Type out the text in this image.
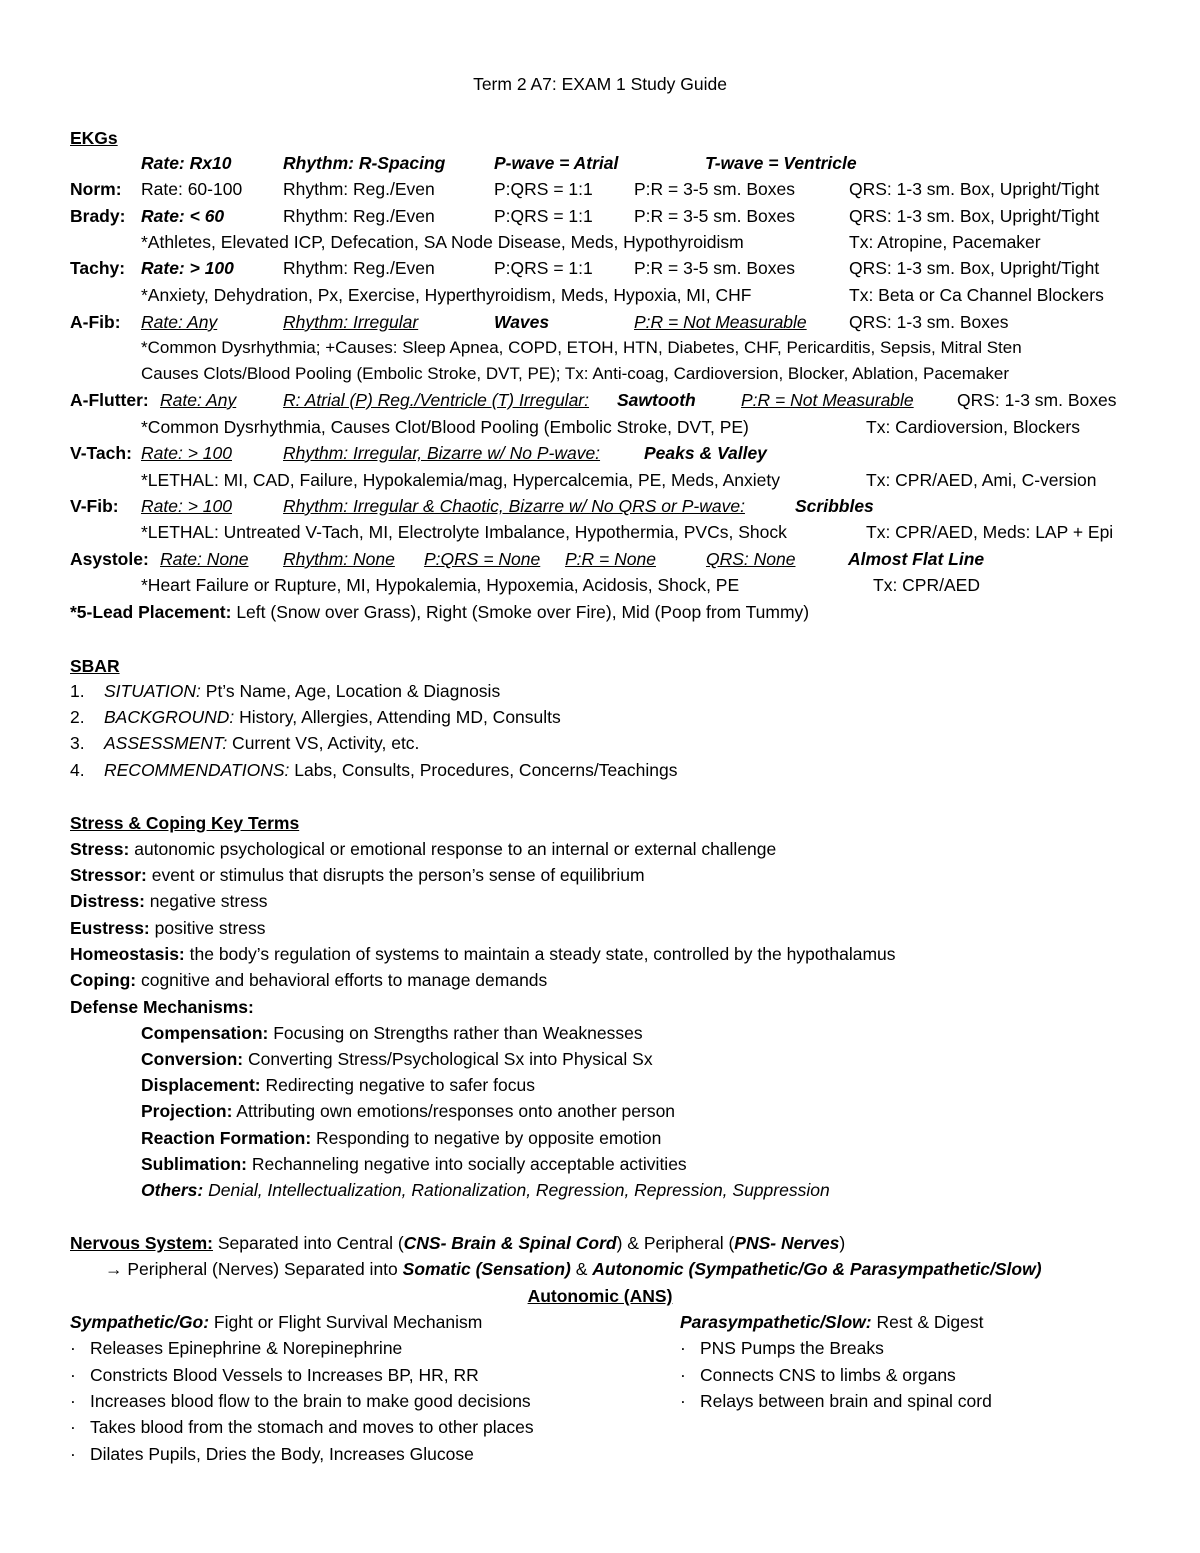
Term 2 A7: EXAM 1 Study Guide
EKGs
Rate: Rx10	Rhythm: R-Spacing	P-wave = Atrial	T-wave = Ventricle
Norm: Rate: 60-100 Rhythm: Reg./Even	P:QRS = 1:1 P:R = 3-5 sm. Boxes	QRS: 1-3 sm. Box, Upright/Tight
Brady: Rate: < 60	Rhythm: Reg./Even	P:QRS = 1:1 P:R = 3-5 sm. Boxes	QRS: 1-3 sm. Box, Upright/Tight
*Athletes, Elevated ICP, Defecation, SA Node Disease, Meds, Hypothyroidism	Tx: Atropine, Pacemaker
Tachy: Rate: > 100	Rhythm: Reg./Even	P:QRS = 1:1 P:R = 3-5 sm. Boxes	QRS: 1-3 sm. Box, Upright/Tight
*Anxiety, Dehydration, Px, Exercise, Hyperthyroidism, Meds, Hypoxia, MI, CHF	Tx: Beta or Ca Channel Blockers
A-Fib: Rate: Any	Rhythm: Irregular	Waves	P:R = Not Measurable QRS: 1-3 sm. Boxes
*Common Dysrhythmia; +Causes: Sleep Apnea, COPD, ETOH, HTN, Diabetes, CHF, Pericarditis, Sepsis, Mitral Sten
Causes Clots/Blood Pooling (Embolic Stroke, DVT, PE); Tx: Anti-coag, Cardioversion, Blocker, Ablation, Pacemaker
A-Flutter: Rate: Any	R: Atrial (P) Reg./Ventricle (T) Irregular: Sawtooth	P:R = Not Measurable QRS: 1-3 sm. Boxes
*Common Dysrhythmia, Causes Clot/Blood Pooling (Embolic Stroke, DVT, PE)	Tx: Cardioversion, Blockers
V-Tach: Rate: > 100	Rhythm: Irregular, Bizarre w/ No P-wave:	Peaks & Valley
*LETHAL: MI, CAD, Failure, Hypokalemia/mag, Hypercalcemia, PE, Meds, Anxiety	Tx: CPR/AED, Ami, C-version
V-Fib: Rate: > 100	Rhythm: Irregular & Chaotic, Bizarre w/ No QRS or P-wave:	Scribbles
*LETHAL: Untreated V-Tach, MI, Electrolyte Imbalance, Hypothermia, PVCs, Shock	Tx: CPR/AED, Meds: LAP + Epi
Asystole: Rate: None Rhythm: None P:QRS = None P:R = None	QRS: None	Almost Flat Line
*Heart Failure or Rupture, MI, Hypokalemia, Hypoxemia, Acidosis, Shock, PE	Tx: CPR/AED
*5-Lead Placement: Left (Snow over Grass), Right (Smoke over Fire), Mid (Poop from Tummy)
SBAR
1. SITUATION: Pt’s Name, Age, Location & Diagnosis
2. BACKGROUND: History, Allergies, Attending MD, Consults
3. ASSESSMENT: Current VS, Activity, etc.
4. RECOMMENDATIONS: Labs, Consults, Procedures, Concerns/Teachings
Stress & Coping Key Terms
Stress: autonomic psychological or emotional response to an internal or external challenge
Stressor: event or stimulus that disrupts the person’s sense of equilibrium
Distress: negative stress
Eustress: positive stress
Homeostasis: the body’s regulation of systems to maintain a steady state, controlled by the hypothalamus
Coping: cognitive and behavioral efforts to manage demands
Defense Mechanisms:
Compensation: Focusing on Strengths rather than Weaknesses
Conversion: Converting Stress/Psychological Sx into Physical Sx
Displacement: Redirecting negative to safer focus
Projection: Attributing own emotions/responses onto another person
Reaction Formation: Responding to negative by opposite emotion
Sublimation: Rechanneling negative into socially acceptable activities
Others: Denial, Intellectualization, Rationalization, Regression, Repression, Suppression
Nervous System: Separated into Central (CNS- Brain & Spinal Cord) & Peripheral (PNS- Nerves)
→ Peripheral (Nerves) Separated into Somatic (Sensation) & Autonomic (Sympathetic/Go & Parasympathetic/Slow)
Autonomic (ANS)
Sympathetic/Go: Fight or Flight Survival Mechanism
· Releases Epinephrine & Norepinephrine
· Constricts Blood Vessels to Increases BP, HR, RR
· Increases blood flow to the brain to make good decisions
· Takes blood from the stomach and moves to other places
· Dilates Pupils, Dries the Body, Increases Glucose
Parasympathetic/Slow: Rest & Digest
· PNS Pumps the Breaks
· Connects CNS to limbs & organs
· Relays between brain and spinal cord
